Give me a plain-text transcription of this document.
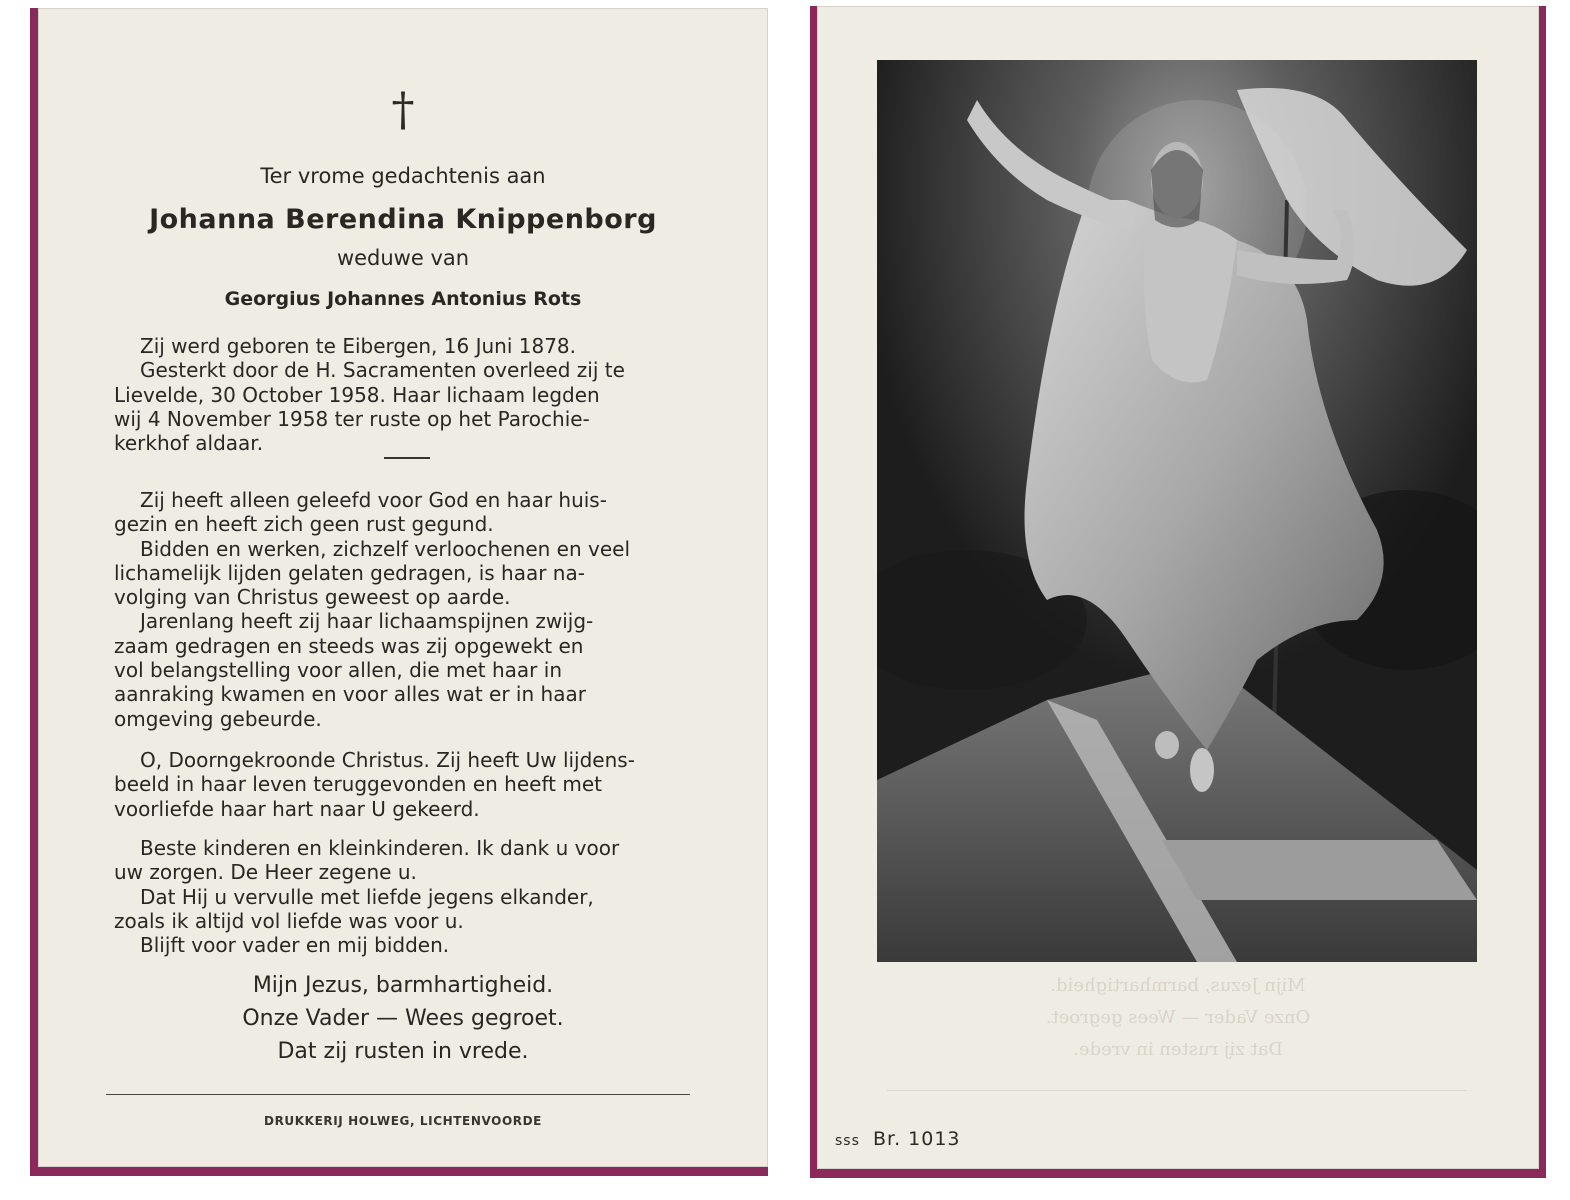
†
Ter vrome gedachtenis aan
Johanna Berendina Knippenborg
weduwe van
Georgius Johannes Antonius Rots
Zij werd geboren te Eibergen, 16 Juni 1878.
Gesterkt door de H. Sacramenten overleed zij te
Lievelde, 30 October 1958. Haar lichaam legden
wij 4 November 1958 ter ruste op het Parochie-
kerkhof aldaar.
Zij heeft alleen geleefd voor God en haar huis-
gezin en heeft zich geen rust gegund.
Bidden en werken, zichzelf verloochenen en veel
lichamelijk lijden gelaten gedragen, is haar na-
volging van Christus geweest op aarde.
Jarenlang heeft zij haar lichaamspijnen zwijg-
zaam gedragen en steeds was zij opgewekt en
vol belangstelling voor allen, die met haar in
aanraking kwamen en voor alles wat er in haar
omgeving gebeurde.
O, Doorngekroonde Christus. Zij heeft Uw lijdens-
beeld in haar leven teruggevonden en heeft met
voorliefde haar hart naar U gekeerd.
Beste kinderen en kleinkinderen. Ik dank u voor
uw zorgen. De Heer zegene u.
Dat Hij u vervulle met liefde jegens elkander,
zoals ik altijd vol liefde was voor u.
Blijft voor vader en mij bidden.
Mijn Jezus, barmhartigheid.
Onze Vader — Wees gegroet.
Dat zij rusten in vrede.
DRUKKERIJ HOLWEG, LICHTENVOORDE
Mijn Jezus, barmhartigheid.
Onze Vader — Wees gegroet.
Dat zij rusten in vrede.
sss Br. 1013
